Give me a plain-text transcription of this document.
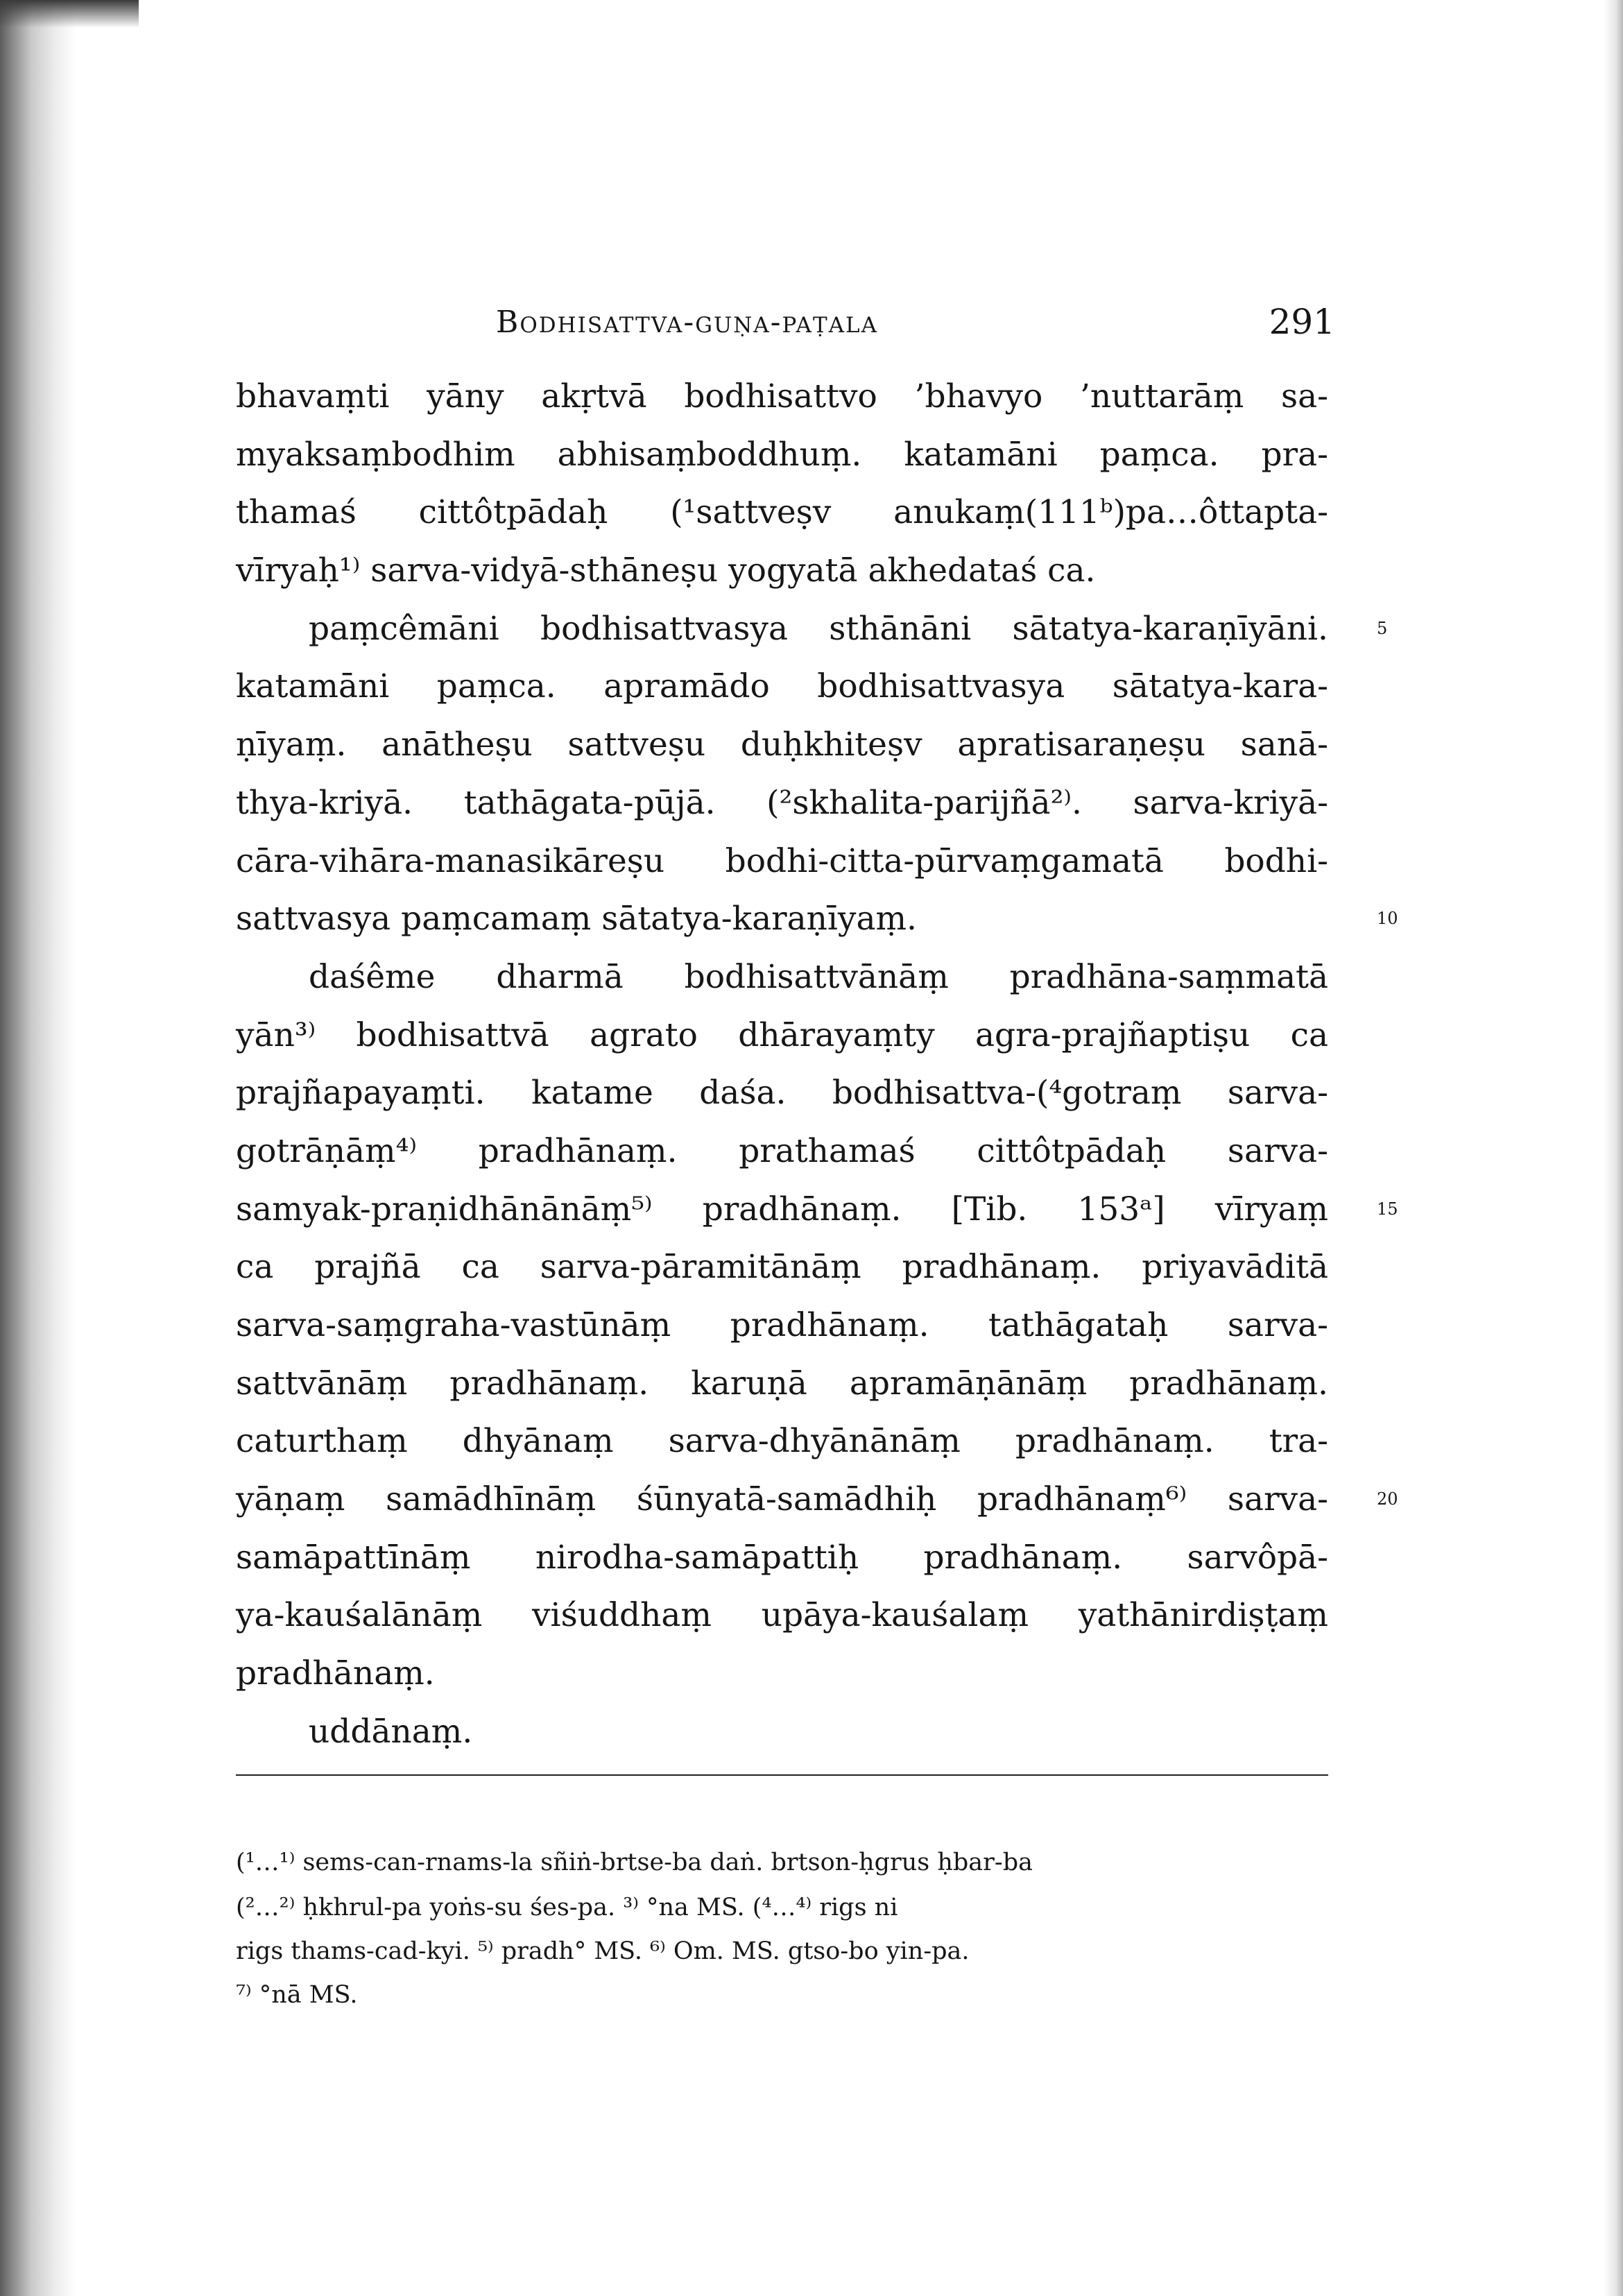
Bodhisattva-guṇa-paṭala	291
bhavaṃti yāny akṛtvā bodhisattvo ’bhavyo ’nuttarāṃ sa-
myaksaṃbodhim abhisaṃboddhuṃ. katamāni paṃca. pra-
thamaś cittôtpādaḥ (¹sattveṣv anukaṃ(111ᵇ)pa…ôttapta-
vīryaḥ¹⁾ sarva-vidyā-sthāneṣu yogyatā akhedataś ca.
paṃcêmāni bodhisattvasya sthānāni sātatya-karaṇīyāni.	5
katamāni paṃca. apramādo bodhisattvasya sātatya-kara-
ṇīyaṃ. anātheṣu sattveṣu duḥkhiteṣv apratisaraṇeṣu sanā-
thya-kriyā. tathāgata-pūjā. (²skhalita-parijñā²⁾. sarva-kriyā-
cāra-vihāra-manasikāreṣu bodhi-citta-pūrvaṃgamatā bodhi-
sattvasya paṃcamaṃ sātatya-karaṇīyaṃ.	10
daśême dharmā bodhisattvānāṃ pradhāna-saṃmatā
yān³⁾ bodhisattvā agrato dhārayaṃty agra-prajñaptiṣu ca
prajñapayaṃti. katame daśa. bodhisattva-(⁴gotraṃ sarva-
gotrāṇāṃ⁴⁾ pradhānaṃ. prathamaś cittôtpādaḥ sarva-
samyak-praṇidhānānāṃ⁵⁾ pradhānaṃ. [Tib. 153ᵃ] vīryaṃ	15
ca prajñā ca sarva-pāramitānāṃ pradhānaṃ. priyavāditā
sarva-saṃgraha-vastūnāṃ pradhānaṃ. tathāgataḥ sarva-
sattvānāṃ pradhānaṃ. karuṇā apramāṇānāṃ pradhānaṃ.
caturthaṃ dhyānaṃ sarva-dhyānānāṃ pradhānaṃ. tra-
yāṇaṃ samādhīnāṃ śūnyatā-samādhiḥ pradhānaṃ⁶⁾ sarva-	20
samāpattīnāṃ nirodha-samāpattiḥ pradhānaṃ. sarvôpā-
ya-kauśalānāṃ viśuddhaṃ upāya-kauśalaṃ yathānirdiṣṭaṃ
pradhānaṃ.
uddānaṃ.
(¹…¹⁾ sems-can-rnams-la sñiṅ-brtse-ba daṅ. brtson-ḥgrus ḥbar-ba
(²…²⁾ ḥkhrul-pa yoṅs-su śes-pa. ³⁾ °na MS. (⁴…⁴⁾ rigs ni
rigs thams-cad-kyi. ⁵⁾ pradh° MS. ⁶⁾ Om. MS. gtso-bo yin-pa.
⁷⁾ °nā MS.
